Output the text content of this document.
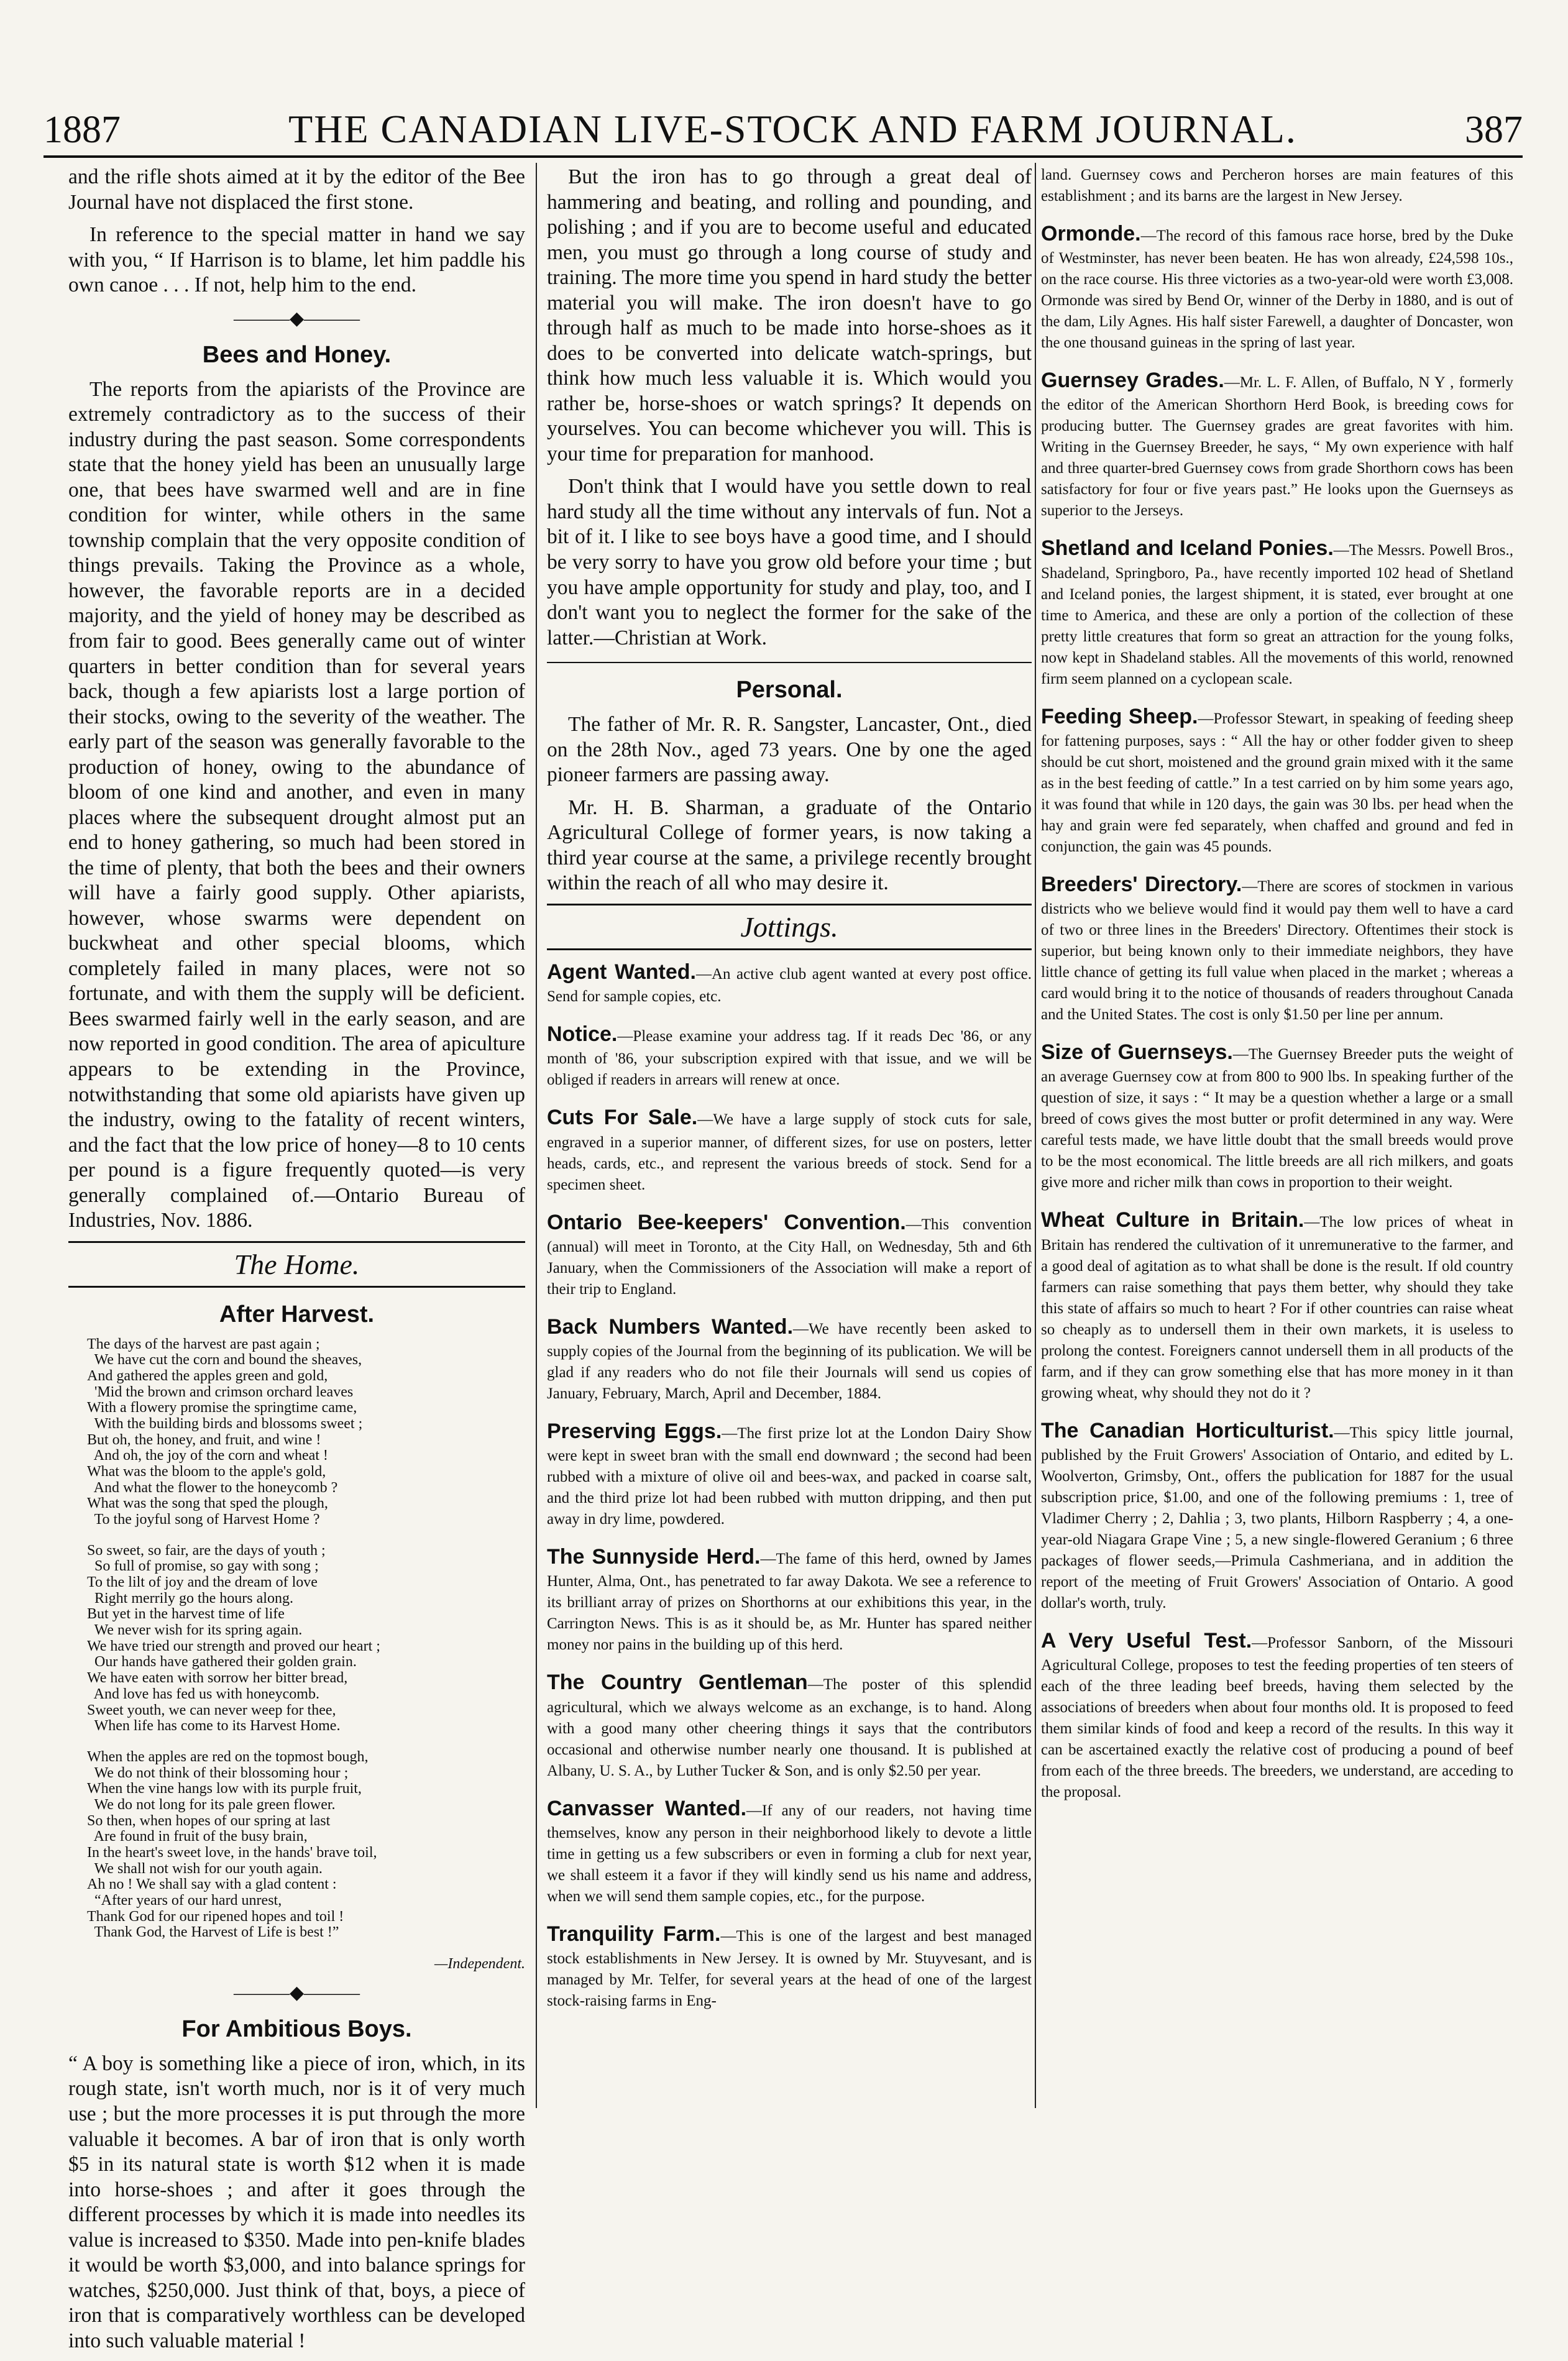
1887	THE CANADIAN LIVE-STOCK AND FARM JOURNAL.	387

and the rifle shots aimed at it by the editor of the Bee Journal have not displaced the first stone.

In reference to the special matter in hand we say with you, “ If Harrison is to blame, let him paddle his own canoe . . . If not, help him to the end.

———◆———
Bees and Honey.

The reports from the apiarists of the Province are extremely contradictory as to the success of their industry during the past season. Some correspondents state that the honey yield has been an unusually large one, that bees have swarmed well and are in fine condition for winter, while others in the same township complain that the very opposite condition of things prevails. Taking the Province as a whole, however, the favorable reports are in a decided majority, and the yield of honey may be described as from fair to good. Bees generally came out of winter quarters in better condition than for several years back, though a few apiarists lost a large portion of their stocks, owing to the severity of the weather. The early part of the season was generally favorable to the production of honey, owing to the abundance of bloom of one kind and another, and even in many places where the subsequent drought almost put an end to honey gathering, so much had been stored in the time of plenty, that both the bees and their owners will have a fairly good supply. Other apiarists, however, whose swarms were dependent on buckwheat and other special blooms, which completely failed in many places, were not so fortunate, and with them the supply will be deficient. Bees swarmed fairly well in the early season, and are now reported in good condition. The area of apiculture appears to be extending in the Province, notwithstanding that some old apiarists have given up the industry, owing to the fatality of recent winters, and the fact that the low price of honey—8 to 10 cents per pound is a figure frequently quoted—is very generally complained of.—Ontario Bureau of Industries, Nov. 1886.

The Home.
After Harvest.
The days of the harvest are past again ;
We have cut the corn and bound the sheaves,
And gathered the apples green and gold,
'Mid the brown and crimson orchard leaves
With a flowery promise the springtime came,
With the building birds and blossoms sweet ;
But oh, the honey, and fruit, and wine !
And oh, the joy of the corn and wheat !
What was the bloom to the apple's gold,
And what the flower to the honeycomb ?
What was the song that sped the plough,
To the joyful song of Harvest Home ?
So sweet, so fair, are the days of youth ;
So full of promise, so gay with song ;
To the lilt of joy and the dream of love
Right merrily go the hours along.
But yet in the harvest time of life
We never wish for its spring again.
We have tried our strength and proved our heart ;
Our hands have gathered their golden grain.
We have eaten with sorrow her bitter bread,
And love has fed us with honeycomb.
Sweet youth, we can never weep for thee,
When life has come to its Harvest Home.
When the apples are red on the topmost bough,
We do not think of their blossoming hour ;
When the vine hangs low with its purple fruit,
We do not long for its pale green flower.
So then, when hopes of our spring at last
Are found in fruit of the busy brain,
In the heart's sweet love, in the hands' brave toil,
We shall not wish for our youth again.
Ah no ! We shall say with a glad content :
“After years of our hard unrest,
Thank God for our ripened hopes and toil !
Thank God, the Harvest of Life is best !”
—Independent.
———◆———
For Ambitious Boys.

“ A boy is something like a piece of iron, which, in its rough state, isn't worth much, nor is it of very much use ; but the more processes it is put through the more valuable it becomes. A bar of iron that is only worth $5 in its natural state is worth $12 when it is made into horse-shoes ; and after it goes through the different processes by which it is made into needles its value is increased to $350. Made into pen-knife blades it would be worth $3,000, and into balance springs for watches, $250,000. Just think of that, boys, a piece of iron that is comparatively worthless can be developed into such valuable material !

But the iron has to go through a great deal of hammering and beating, and rolling and pounding, and polishing ; and if you are to become useful and educated men, you must go through a long course of study and training. The more time you spend in hard study the better material you will make. The iron doesn't have to go through half as much to be made into horse-shoes as it does to be converted into delicate watch-springs, but think how much less valuable it is. Which would you rather be, horse-shoes or watch springs? It depends on yourselves. You can become whichever you will. This is your time for preparation for manhood.

Don't think that I would have you settle down to real hard study all the time without any intervals of fun. Not a bit of it. I like to see boys have a good time, and I should be very sorry to have you grow old before your time ; but you have ample opportunity for study and play, too, and I don't want you to neglect the former for the sake of the latter.—Christian at Work.

Personal.

The father of Mr. R. R. Sangster, Lancaster, Ont., died on the 28th Nov., aged 73 years. One by one the aged pioneer farmers are passing away.

Mr. H. B. Sharman, a graduate of the Ontario Agricultural College of former years, is now taking a third year course at the same, a privilege recently brought within the reach of all who may desire it.

Jottings.

Agent Wanted.—An active club agent wanted at every post office. Send for sample copies, etc.

Notice.—Please examine your address tag. If it reads Dec '86, or any month of '86, your subscription expired with that issue, and we will be obliged if readers in arrears will renew at once.

Cuts For Sale.—We have a large supply of stock cuts for sale, engraved in a superior manner, of different sizes, for use on posters, letter heads, cards, etc., and represent the various breeds of stock. Send for a specimen sheet.

Ontario Bee-keepers' Convention.—This convention (annual) will meet in Toronto, at the City Hall, on Wednesday, 5th and 6th January, when the Commissioners of the Association will make a report of their trip to England.

Back Numbers Wanted.—We have recently been asked to supply copies of the Journal from the beginning of its publication. We will be glad if any readers who do not file their Journals will send us copies of January, February, March, April and December, 1884.

Preserving Eggs.—The first prize lot at the London Dairy Show were kept in sweet bran with the small end downward ; the second had been rubbed with a mixture of olive oil and bees-wax, and packed in coarse salt, and the third prize lot had been rubbed with mutton dripping, and then put away in dry lime, powdered.

The Sunnyside Herd.—The fame of this herd, owned by James Hunter, Alma, Ont., has penetrated to far away Dakota. We see a reference to its brilliant array of prizes on Shorthorns at our exhibitions this year, in the Carrington News. This is as it should be, as Mr. Hunter has spared neither money nor pains in the building up of this herd.

The Country Gentleman—The poster of this splendid agricultural, which we always welcome as an exchange, is to hand. Along with a good many other cheering things it says that the contributors occasional and otherwise number nearly one thousand. It is published at Albany, U. S. A., by Luther Tucker & Son, and is only $2.50 per year.

Canvasser Wanted.—If any of our readers, not having time themselves, know any person in their neighborhood likely to devote a little time in getting us a few subscribers or even in forming a club for next year, we shall esteem it a favor if they will kindly send us his name and address, when we will send them sample copies, etc., for the purpose.

Tranquility Farm.—This is one of the largest and best managed stock establishments in New Jersey. It is owned by Mr. Stuyvesant, and is managed by Mr. Telfer, for several years at the head of one of the largest stock-raising farms in Eng-

land. Guernsey cows and Percheron horses are main features of this establishment ; and its barns are the largest in New Jersey.

Ormonde.—The record of this famous race horse, bred by the Duke of Westminster, has never been beaten. He has won already, £24,598 10s., on the race course. His three victories as a two-year-old were worth £3,008. Ormonde was sired by Bend Or, winner of the Derby in 1880, and is out of the dam, Lily Agnes. His half sister Farewell, a daughter of Doncaster, won the one thousand guineas in the spring of last year.

Guernsey Grades.—Mr. L. F. Allen, of Buffalo, N Y , formerly the editor of the American Shorthorn Herd Book, is breeding cows for producing butter. The Guernsey grades are great favorites with him. Writing in the Guernsey Breeder, he says, “ My own experience with half and three quarter-bred Guernsey cows from grade Shorthorn cows has been satisfactory for four or five years past.” He looks upon the Guernseys as superior to the Jerseys.

Shetland and Iceland Ponies.—The Messrs. Powell Bros., Shadeland, Springboro, Pa., have recently imported 102 head of Shetland and Iceland ponies, the largest shipment, it is stated, ever brought at one time to America, and these are only a portion of the collection of these pretty little creatures that form so great an attraction for the young folks, now kept in Shadeland stables. All the movements of this world, renowned firm seem planned on a cyclopean scale.

Feeding Sheep.—Professor Stewart, in speaking of feeding sheep for fattening purposes, says : “ All the hay or other fodder given to sheep should be cut short, moistened and the ground grain mixed with it the same as in the best feeding of cattle.” In a test carried on by him some years ago, it was found that while in 120 days, the gain was 30 lbs. per head when the hay and grain were fed separately, when chaffed and ground and fed in conjunction, the gain was 45 pounds.

Breeders' Directory.—There are scores of stockmen in various districts who we believe would find it would pay them well to have a card of two or three lines in the Breeders' Directory. Oftentimes their stock is superior, but being known only to their immediate neighbors, they have little chance of getting its full value when placed in the market ; whereas a card would bring it to the notice of thousands of readers throughout Canada and the United States. The cost is only $1.50 per line per annum.

Size of Guernseys.—The Guernsey Breeder puts the weight of an average Guernsey cow at from 800 to 900 lbs. In speaking further of the question of size, it says : “ It may be a question whether a large or a small breed of cows gives the most butter or profit determined in any way. Were careful tests made, we have little doubt that the small breeds would prove to be the most economical. The little breeds are all rich milkers, and goats give more and richer milk than cows in proportion to their weight.

Wheat Culture in Britain.—The low prices of wheat in Britain has rendered the cultivation of it unremunerative to the farmer, and a good deal of agitation as to what shall be done is the result. If old country farmers can raise something that pays them better, why should they take this state of affairs so much to heart ? For if other countries can raise wheat so cheaply as to undersell them in their own markets, it is useless to prolong the contest. Foreigners cannot undersell them in all products of the farm, and if they can grow something else that has more money in it than growing wheat, why should they not do it ?

The Canadian Horticulturist.—This spicy little journal, published by the Fruit Growers' Association of Ontario, and edited by L. Woolverton, Grimsby, Ont., offers the publication for 1887 for the usual subscription price, $1.00, and one of the following premiums : 1, tree of Vladimer Cherry ; 2, Dahlia ; 3, two plants, Hilborn Raspberry ; 4, a one-year-old Niagara Grape Vine ; 5, a new single-flowered Geranium ; 6 three packages of flower seeds,—Primula Cashmeriana, and in addition the report of the meeting of Fruit Growers' Association of Ontario. A good dollar's worth, truly.

A Very Useful Test.—Professor Sanborn, of the Missouri Agricultural College, proposes to test the feeding properties of ten steers of each of the three leading beef breeds, having them selected by the associations of breeders when about four months old. It is proposed to feed them similar kinds of food and keep a record of the results. In this way it can be ascertained exactly the relative cost of producing a pound of beef from each of the three breeds. The breeders, we understand, are acceding to the proposal.
